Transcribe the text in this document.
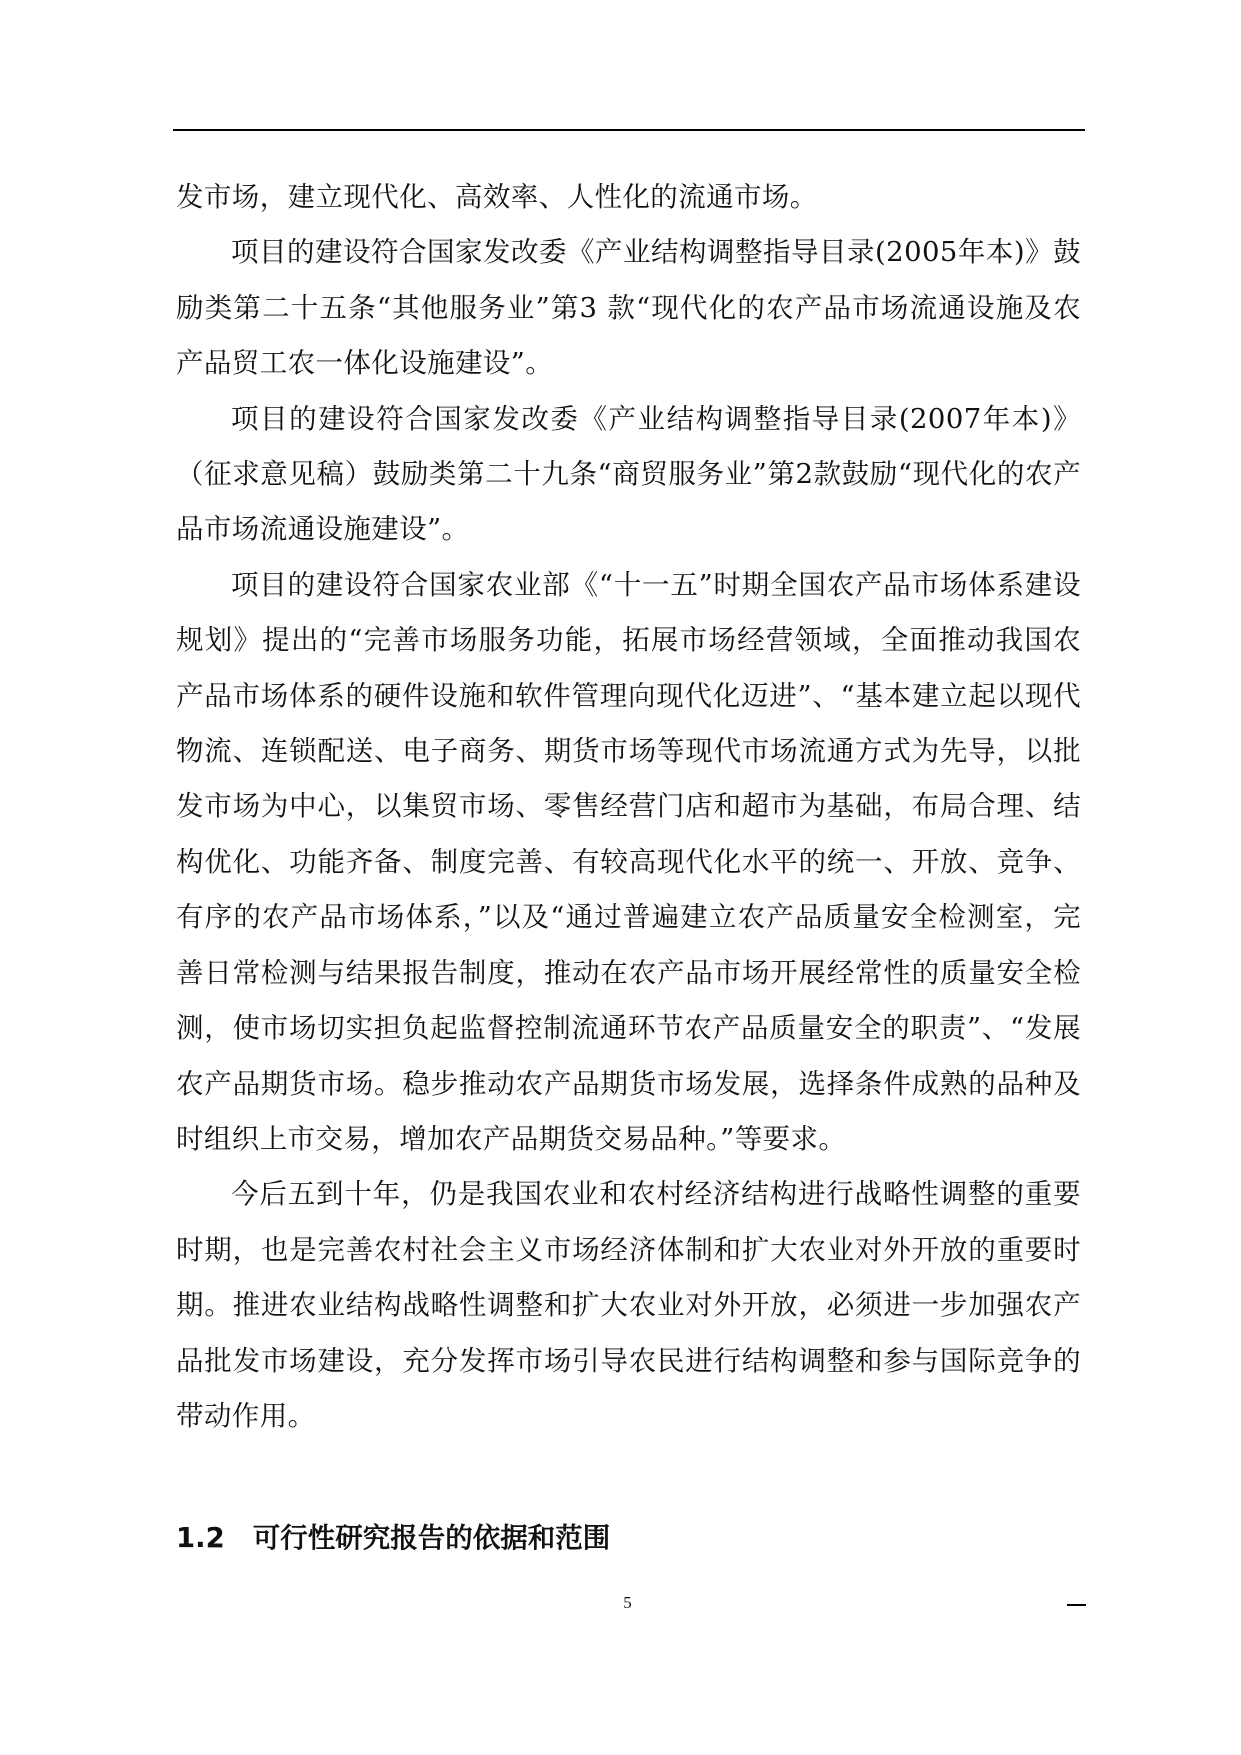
发市场，建立现代化、高效率、人性化的流通市场。

项目的建设符合国家发改委《产业结构调整指导目录(2005年本)》鼓励类第二十五条“其他服务业”第3 款“现代化的农产品市场流通设施及农产品贸工农一体化设施建设”。

项目的建设符合国家发改委《产业结构调整指导目录(2007年本)》（征求意见稿）鼓励类第二十九条“商贸服务业”第2款鼓励“现代化的农产品市场流通设施建设”。

项目的建设符合国家农业部《“十一五”时期全国农产品市场体系建设规划》提出的“完善市场服务功能，拓展市场经营领域，全面推动我国农产品市场体系的硬件设施和软件管理向现代化迈进”、“基本建立起以现代物流、连锁配送、电子商务、期货市场等现代市场流通方式为先导，以批发市场为中心，以集贸市场、零售经营门店和超市为基础，布局合理、结构优化、功能齐备、制度完善、有较高现代化水平的统一、开放、竞争、有序的农产品市场体系，”以及“通过普遍建立农产品质量安全检测室，完善日常检测与结果报告制度，推动在农产品市场开展经常性的质量安全检测，使市场切实担负起监督控制流通环节农产品质量安全的职责”、“发展农产品期货市场。稳步推动农产品期货市场发展，选择条件成熟的品种及时组织上市交易，增加农产品期货交易品种。”等要求。

今后五到十年，仍是我国农业和农村经济结构进行战略性调整的重要时期，也是完善农村社会主义市场经济体制和扩大农业对外开放的重要时期。推进农业结构战略性调整和扩大农业对外开放，必须进一步加强农产品批发市场建设，充分发挥市场引导农民进行结构调整和参与国际竞争的带动作用。

1.2 可行性研究报告的依据和范围
5
